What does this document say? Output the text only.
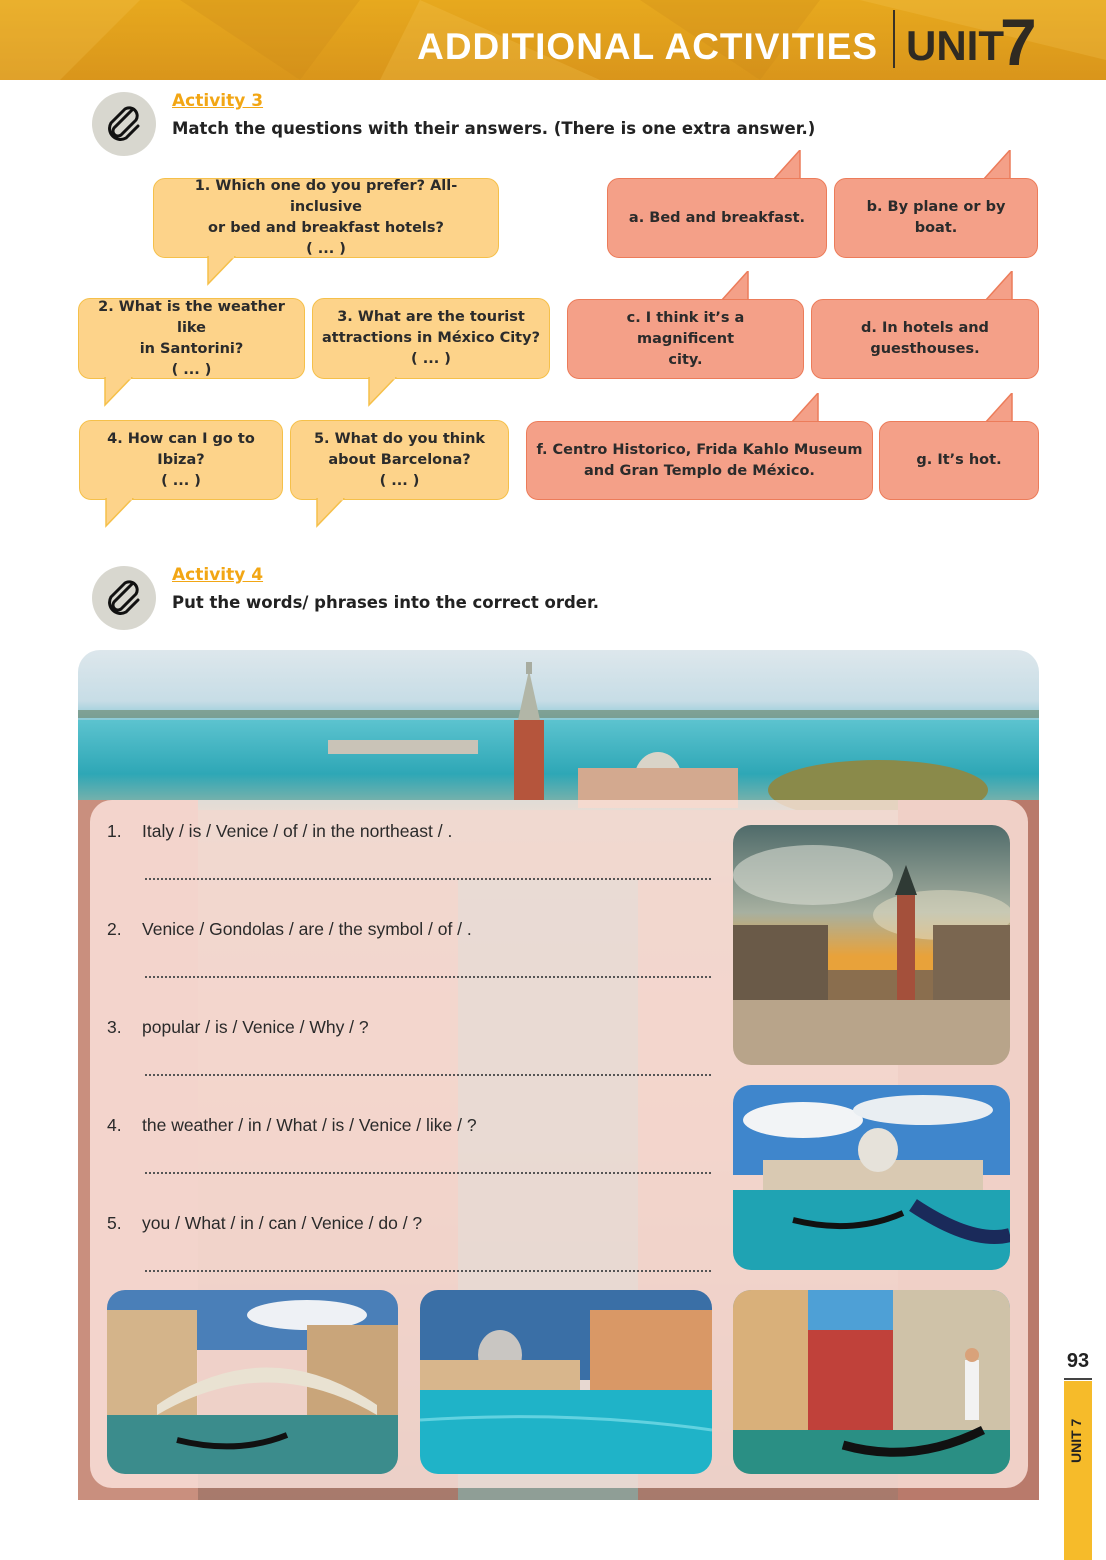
ADDITIONAL ACTIVITIES UNIT
7
Activity 3
Match the questions with their answers. (There is one extra answer.)
1. Which one do you prefer? All-inclusive
or bed and breakfast hotels?
( ... )
2. What is the weather like
in Santorini?
( ... )
3. What are the tourist
attractions in México City?
( ... )
4. How can I go to Ibiza?
( ... )
5. What do you think
about Barcelona?
( ... )
a. Bed and breakfast.
b. By plane or by boat.
c. I think it’s a magnificent
city.
d. In hotels and
guesthouses.
f. Centro Historico, Frida Kahlo Museum
and Gran Templo de México.
g. It’s hot.
Activity 4
Put the words/ phrases into the correct order.
1. Italy / is / Venice / of / in the northeast / .
2. Venice / Gondolas / are / the symbol / of / .
3. popular / is / Venice / Why / ?
4. the weather / in / What / is / Venice / like / ?
5. you / What / in / can / Venice / do / ?
93
UNIT 7
